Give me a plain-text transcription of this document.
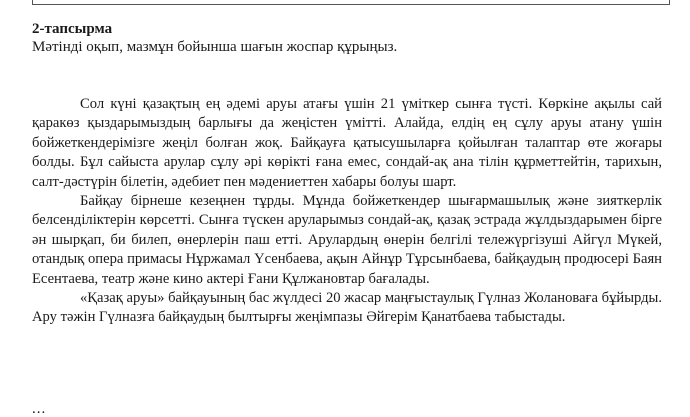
2-тапсырма
Мәтінді оқып, мазмұн бойынша шағын жоспар құрыңыз.

Сол күні қазақтың ең әдемі аруы атағы үшін 21 үміткер сынға түсті. Көркіне ақылы сай қаракөз қыздарымыздың барлығы да жеңістен үмітті. Алайда, елдің ең сұлу аруы атану үшін бойжеткендерімізге жеңіл болған жоқ. Байқауға қатысушыларға қойылған талаптар өте жоғары болды. Бұл сайыста арулар сұлу әрі көрікті ғана емес, сондай-ақ ана тілін құрметтейтін, тарихын, салт-дәстүрін білетін, әдебиет пен мәдениеттен хабары болуы шарт.

Байқау бірнеше кезеңнен тұрды. Мұнда бойжеткендер шығармашылық және зияткерлік белсенділіктерін көрсетті. Сынға түскен аруларымыз сондай-ақ, қазақ эстрада жұлдыздарымен бірге ән шырқап, би билеп, өнерлерін паш етті. Арулардың өнерін белгілі тележүргізуші Айгүл Мүкей, отандық опера примасы Нұржамал Үсенбаева, ақын Айнұр Тұрсынбаева, байқаудың продюсері Баян Есентаева, театр және кино актері Ғани Құлжановтар бағалады.

«Қазақ аруы» байқауының бас жүлдесі 20 жасар маңғыстаулық Гүлназ Жолановаға бұйырды. Ару тәжін Гүлназға байқаудың былтырғы жеңімпазы Әйгерім Қанатбаева табыстады.

...
